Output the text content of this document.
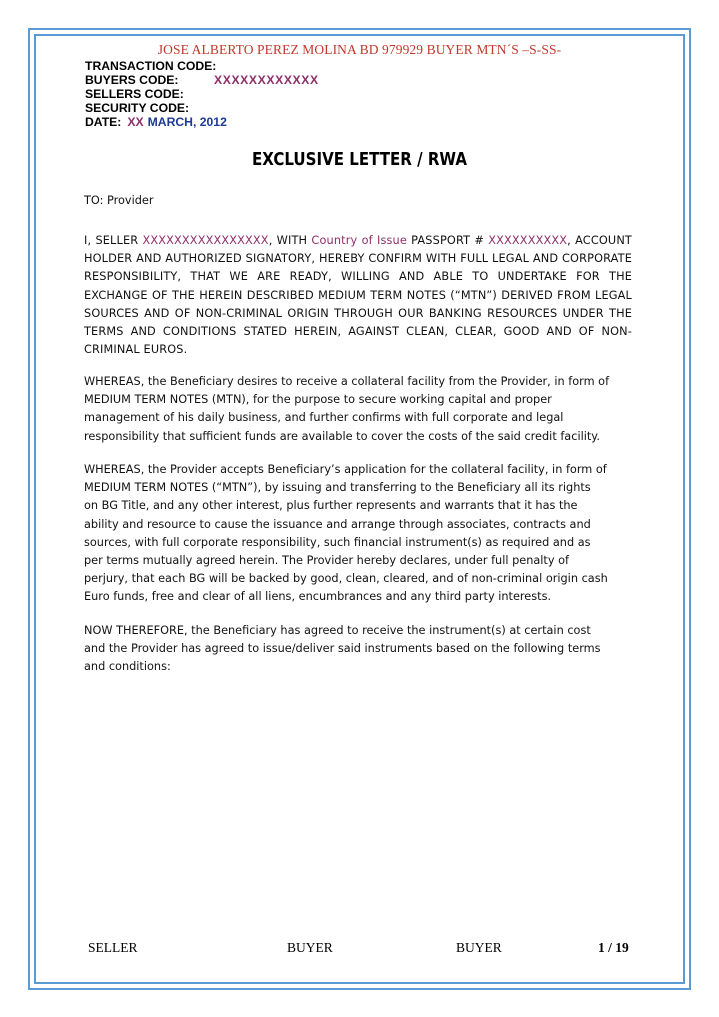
JOSE ALBERTO PEREZ MOLINA BD 979929 BUYER MTN´S –S-SS-
TRANSACTION CODE:
BUYERS CODE:	XXXXXXXXXXXX
SELLERS CODE:
SECURITY CODE:
DATE: XX MARCH, 2012
EXCLUSIVE LETTER / RWA
TO: Provider
I, SELLER XXXXXXXXXXXXXXXX, WITH Country of Issue PASSPORT # XXXXXXXXXX, ACCOUNT HOLDER AND AUTHORIZED SIGNATORY, HEREBY CONFIRM WITH FULL LEGAL AND CORPORATE RESPONSIBILITY, THAT WE ARE READY, WILLING AND ABLE TO UNDERTAKE FOR THE EXCHANGE OF THE HEREIN DESCRIBED MEDIUM TERM NOTES (“MTN”) DERIVED FROM LEGAL SOURCES AND OF NON-CRIMINAL ORIGIN THROUGH OUR BANKING RESOURCES UNDER THE TERMS AND CONDITIONS STATED HEREIN, AGAINST CLEAN, CLEAR, GOOD AND OF NON-CRIMINAL EUROS.
WHEREAS, the Beneficiary desires to receive a collateral facility from the Provider, in form of
MEDIUM TERM NOTES (MTN), for the purpose to secure working capital and proper
management of his daily business, and further confirms with full corporate and legal
responsibility that sufficient funds are available to cover the costs of the said credit facility.
WHEREAS, the Provider accepts Beneficiary’s application for the collateral facility, in form of
MEDIUM TERM NOTES (“MTN”), by issuing and transferring to the Beneficiary all its rights
on BG Title, and any other interest, plus further represents and warrants that it has the
ability and resource to cause the issuance and arrange through associates, contracts and
sources, with full corporate responsibility, such financial instrument(s) as required and as
per terms mutually agreed herein. The Provider hereby declares, under full penalty of
perjury, that each BG will be backed by good, clean, cleared, and of non-criminal origin cash
Euro funds, free and clear of all liens, encumbrances and any third party interests.
NOW THEREFORE, the Beneficiary has agreed to receive the instrument(s) at certain cost
and the Provider has agreed to issue/deliver said instruments based on the following terms
and conditions:
SELLER	BUYER	BUYER	1 / 19
